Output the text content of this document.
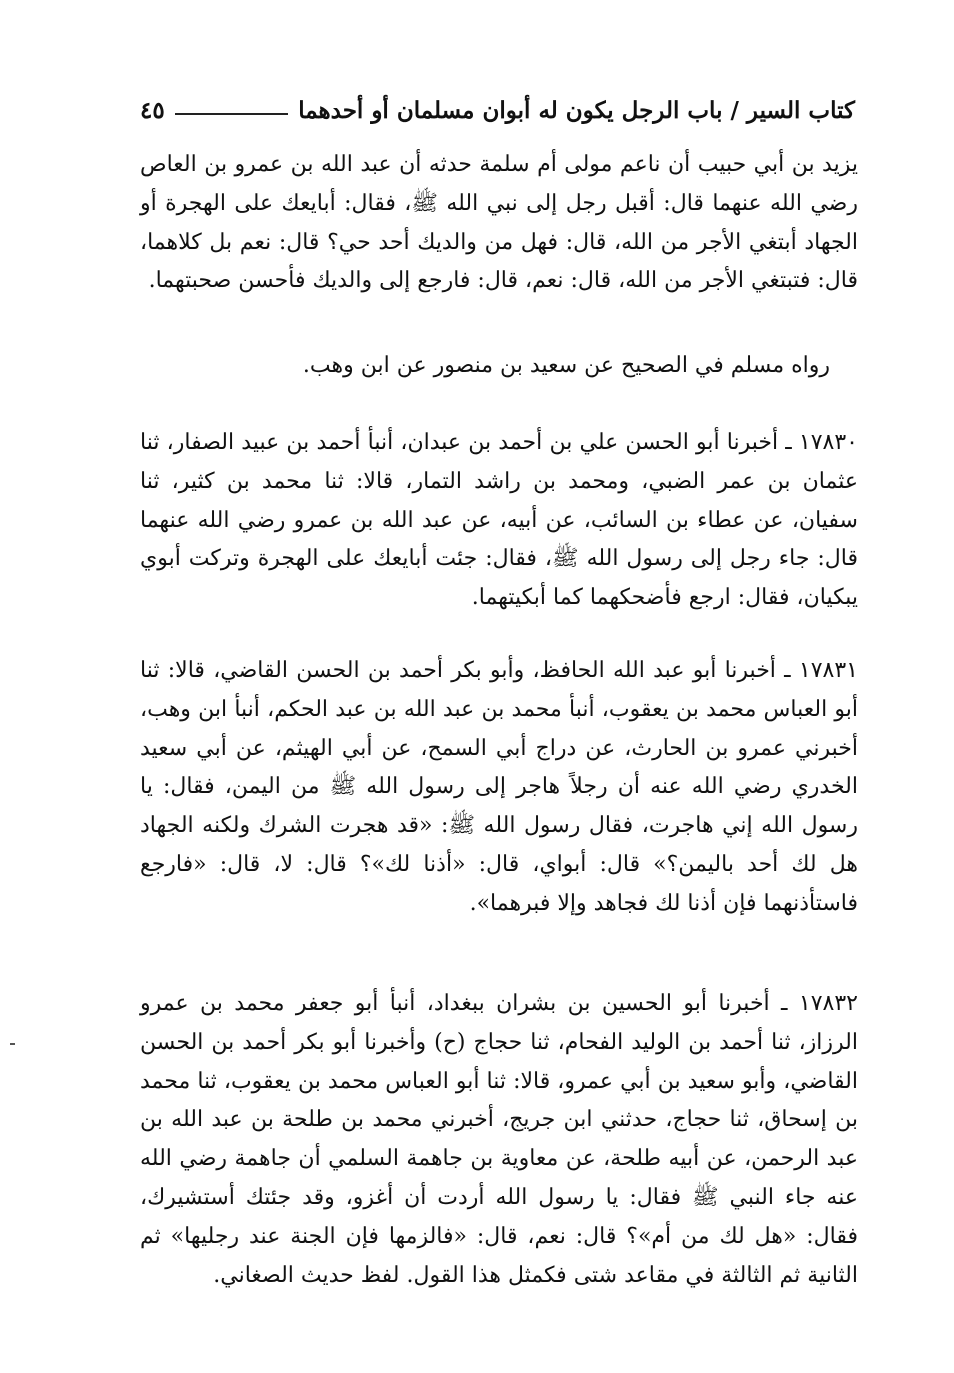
كتاب السير / باب الرجل يكون له أبوان مسلمان أو أحدهما
٤٥

يزيد بن أبي حبيب أن ناعم مولى أم سلمة حدثه أن عبد الله بن عمرو بن العاص رضي الله عنهما قال: أقبل رجل إلى نبي الله ﷺ، فقال: أبايعك على الهجرة أو الجهاد أبتغي الأجر من الله، قال: فهل من والديك أحد حي؟ قال: نعم بل كلاهما، قال: فتبتغي الأجر من الله، قال: نعم، قال: فارجع إلى والديك فأحسن صحبتهما.

رواه مسلم في الصحيح عن سعيد بن منصور عن ابن وهب.

١٧٨٣٠ ـ أخبرنا أبو الحسن علي بن أحمد بن عبدان، أنبأ أحمد بن عبيد الصفار، ثنا عثمان بن عمر الضبي، ومحمد بن راشد التمار، قالا: ثنا محمد بن كثير، ثنا سفيان، عن عطاء بن السائب، عن أبيه، عن عبد الله بن عمرو رضي الله عنهما قال: جاء رجل إلى رسول الله ﷺ، فقال: جئت أبايعك على الهجرة وتركت أبوي يبكيان، فقال: ارجع فأضحكهما كما أبكيتهما.

١٧٨٣١ ـ أخبرنا أبو عبد الله الحافظ، وأبو بكر أحمد بن الحسن القاضي، قالا: ثنا أبو العباس محمد بن يعقوب، أنبأ محمد بن عبد الله بن عبد الحكم، أنبأ ابن وهب، أخبرني عمرو بن الحارث، عن دراج أبي السمح، عن أبي الهيثم، عن أبي سعيد الخدري رضي الله عنه أن رجلاً هاجر إلى رسول الله ﷺ من اليمن، فقال: يا رسول الله إني هاجرت، فقال رسول الله ﷺ: «قد هجرت الشرك ولكنه الجهاد هل لك أحد باليمن؟» قال: أبواي، قال: «أذنا لك»؟ قال: لا، قال: «فارجع فاستأذنهما فإن أذنا لك فجاهد وإلا فبرهما».

١٧٨٣٢ ـ أخبرنا أبو الحسين بن بشران ببغداد، أنبأ أبو جعفر محمد بن عمرو الرزاز، ثنا أحمد بن الوليد الفحام، ثنا حجاج (ح) وأخبرنا أبو بكر أحمد بن الحسن القاضي، وأبو سعيد بن أبي عمرو، قالا: ثنا أبو العباس محمد بن يعقوب، ثنا محمد بن إسحاق، ثنا حجاج، حدثني ابن جريج، أخبرني محمد بن طلحة بن عبد الله بن عبد الرحمن، عن أبيه طلحة، عن معاوية بن جاهمة السلمي أن جاهمة رضي الله عنه جاء النبي ﷺ فقال: يا رسول الله أردت أن أغزو، وقد جئتك أستشيرك، فقال: «هل لك من أم»؟ قال: نعم، قال: «فالزمها فإن الجنة عند رجليها» ثم الثانية ثم الثالثة في مقاعد شتى فكمثل هذا القول. لفظ حديث الصغاني.
